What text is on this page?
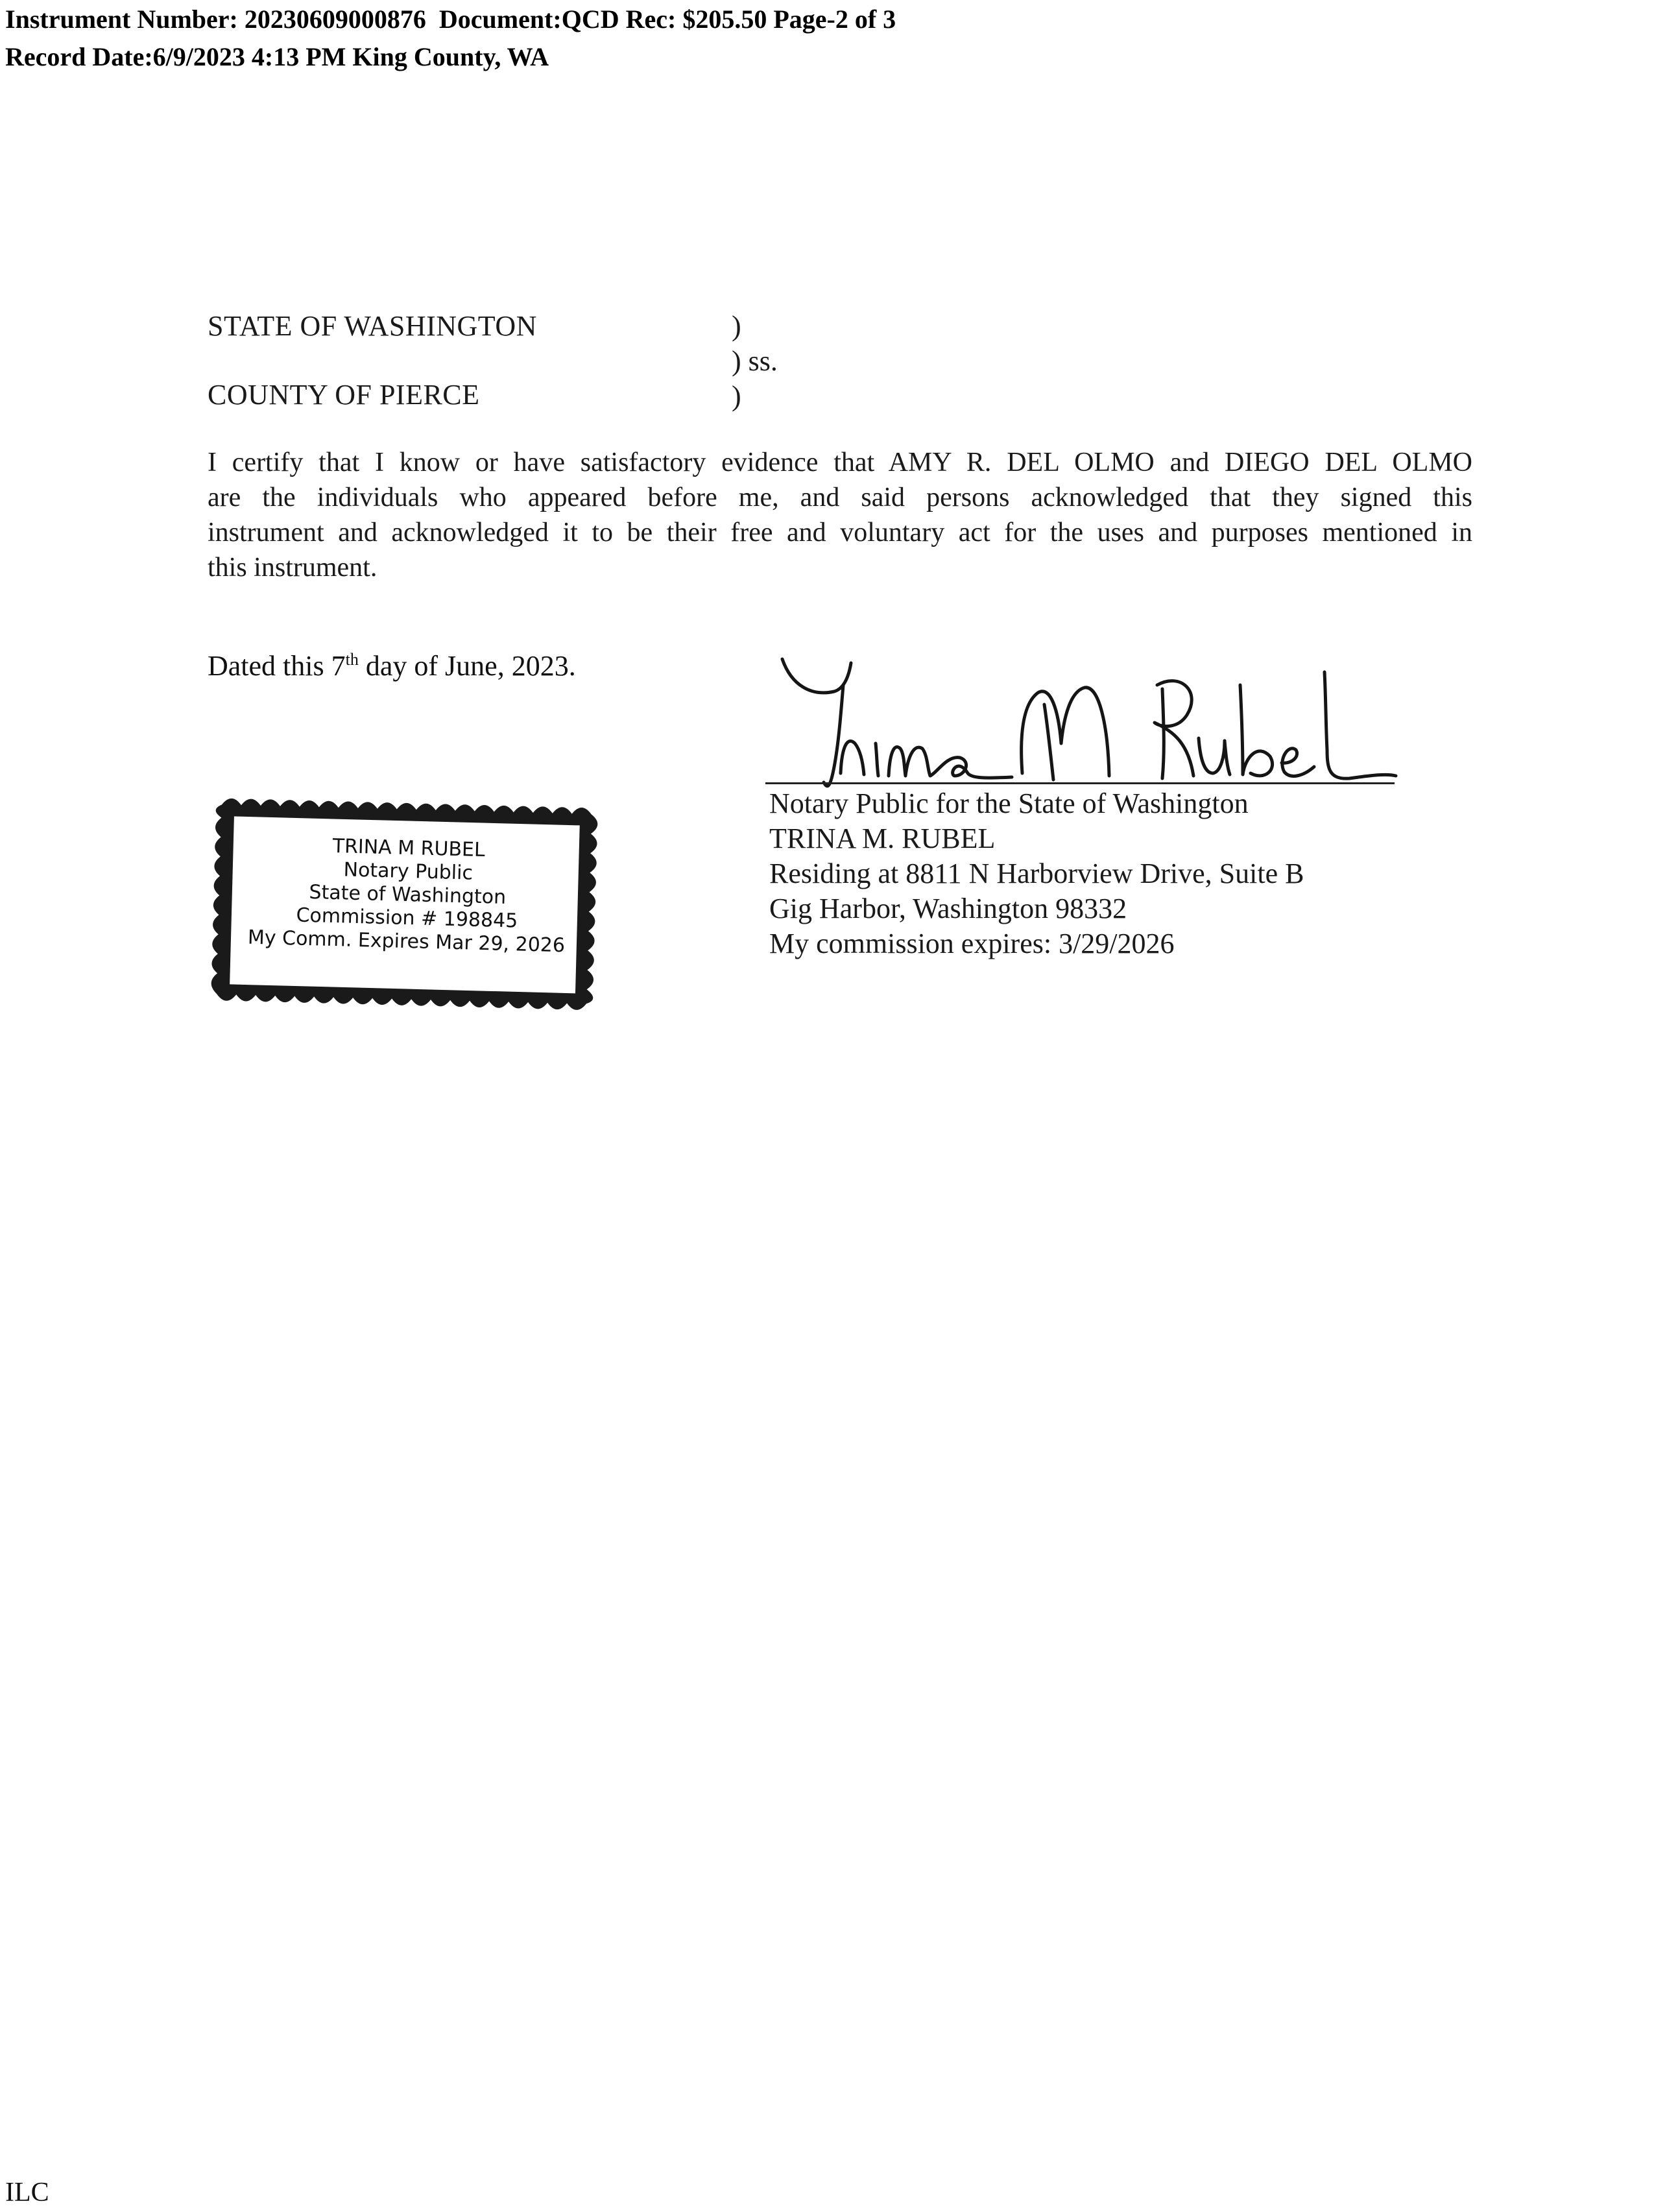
Instrument Number: 20230609000876  Document:QCD Rec: $205.50 Page-2 of 3
Record Date:6/9/2023 4:13 PM King County, WA
STATE OF WASHINGTON
COUNTY OF PIERCE
)
) ss.
)
I certify that I know or have satisfactory evidence that AMY R. DEL OLMO and DIEGO DEL OLMO
are the individuals who appeared before me, and said persons acknowledged that they signed this
instrument and acknowledged it to be their free and voluntary act for the uses and purposes mentioned in
this instrument.
Dated this 7th day of June, 2023.
Notary Public for the State of Washington
TRINA M. RUBEL
Residing at 8811 N Harborview Drive, Suite B
Gig Harbor, Washington 98332
My commission expires: 3/29/2026
TRINA M RUBEL
Notary Public
State of Washington
Commission # 198845
My Comm. Expires Mar 29, 2026
ILC
